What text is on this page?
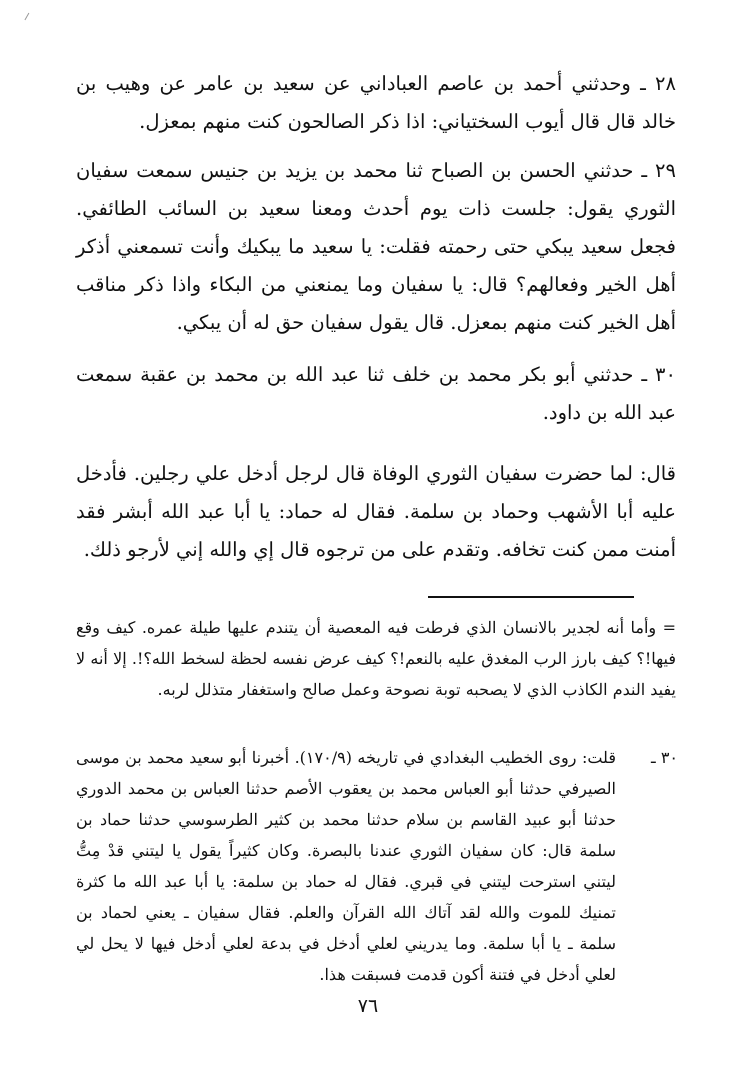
٢٨ ـ وحدثني أحمد بن عاصم العباداني عن سعيد بن عامر عن وهيب بن خالد قال قال أيوب السختياني: اذا ذكر الصالحون كنت منهم بمعزل.

٢٩ ـ حدثني الحسن بن الصباح ثنا محمد بن يزيد بن جنيس سمعت سفيان الثوري يقول: جلست ذات يوم أحدث ومعنا سعيد بن السائب الطائفي. فجعل سعيد يبكي حتى رحمته فقلت: يا سعيد ما يبكيك وأنت تسمعني أذكر أهل الخير وفعالهم؟ قال: يا سفيان وما يمنعني من البكاء واذا ذكر مناقب أهل الخير كنت منهم بمعزل. قال يقول سفيان حق له أن يبكي.

٣٠ ـ حدثني أبو بكر محمد بن خلف ثنا عبد الله بن محمد بن عقبة سمعت عبد الله بن داود.

قال: لما حضرت سفيان الثوري الوفاة قال لرجل أدخل علي رجلين. فأدخل عليه أبا الأشهب وحماد بن سلمة. فقال له حماد: يا أبا عبد الله أبشر فقد أمنت ممن كنت تخافه. وتقدم على من ترجوه قال إي والله إني لأرجو ذلك.

= وأما أنه لجدير بالانسان الذي فرطت فيه المعصية أن يتندم عليها طيلة عمره. كيف وقع فيها!؟ كيف بارز الرب المغدق عليه بالنعم!؟ كيف عرض نفسه لحظة لسخط الله؟!. إلا أنه لا يفيد الندم الكاذب الذي لا يصحبه توبة نصوحة وعمل صالح واستغفار متذلل لربه.

٣٠ ـ

قلت: روى الخطيب البغدادي في تاريخه (١٧٠/٩). أخبرنا أبو سعيد محمد بن موسى الصيرفي حدثنا أبو العباس محمد بن يعقوب الأصم حدثنا العباس بن محمد الدوري حدثنا أبو عبيد القاسم بن سلام حدثنا محمد بن كثير الطرسوسي حدثنا حماد بن سلمة قال: كان سفيان الثوري عندنا بالبصرة. وكان كثيراً يقول يا ليتني قدْ مِتُّ ليتني استرحت ليتني في قبري. فقال له حماد بن سلمة: يا أبا عبد الله ما كثرة تمنيك للموت والله لقد آتاك الله القرآن والعلم. فقال سفيان ـ يعني لحماد بن سلمة ـ يا أبا سلمة. وما يدريني لعلي أدخل في بدعة لعلي أدخل فيها لا يحل لي لعلي أدخل في فتنة أكون قدمت فسبقت هذا.

٧٦
